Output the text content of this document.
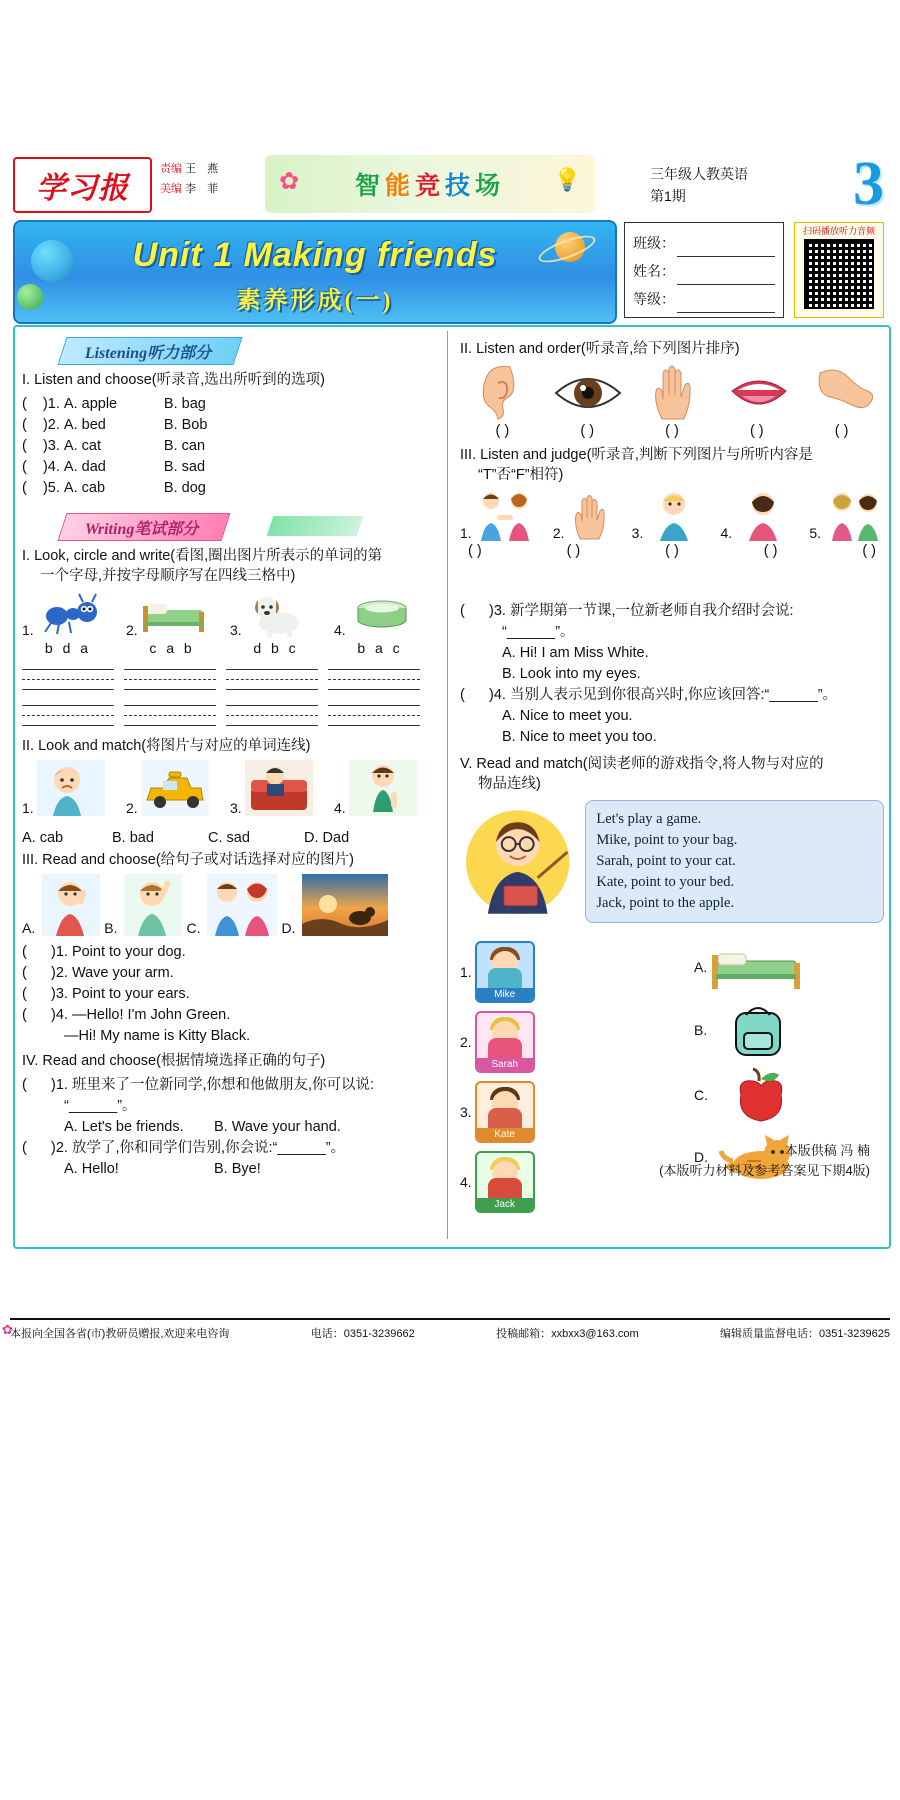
学习报
责编 王 燕
美编 李 菲 ✿	💡
智能竞技场	三年级人教英语
第1期	3
Unit 1 Making friends
素养形成(一)
班级：
姓名：
等级：
扫码播放听力音频
Listening听力部分
I. Listen and choose(听录音,选出所听到的选项)
(    )1. A. apple	B. bag
(    )2. A. bed	B. Bob
(    )3. A. cat	B. can
(    )4. A. dad	B. sad
(    )5. A. cab	B. dog
Writing笔试部分
I. Look, circle and write(看图,圈出图片所表示的单词的第
一个字母,并按字母顺序写在四线三格中)
1.	2.	3.	4.
b d a	c a b	d b c	b a c
II. Look and match(将图片与对应的单词连线)
1.	2.	3.	4.
A. cab	B. bad	C. sad	D. Dad
III. Read and choose(给句子或对话选择对应的图片)
A.	B.	C.	D.
(      )1. Point to your dog.
(      )2. Wave your arm.
(      )3. Point to your ears.
(      )4. —Hello! I'm John Green.
—Hi! My name is Kitty Black.
IV. Read and choose(根据情境选择正确的句子)
(      )1. 班里来了一位新同学,你想和他做朋友,你可以说:
“______”。
A. Let's be friends. B. Wave your hand.
(      )2. 放学了,你和同学们告别,你会说:“______”。
A. Hello!	B. Bye!
II. Listen and order(听录音,给下列图片排序)
( )	( )	( )	( )	( )
III. Listen and judge(听录音,判断下列图片与所听内容是
“T”否“F”相符)
1.	2.	3.	4.	5.
( )	( )	( )	( )	( )
(      )3. 新学期第一节课,一位新老师自我介绍时会说:
“______”。
A. Hi! I am Miss White.
B. Look into my eyes.
(      )4. 当别人表示见到你很高兴时,你应该回答:“______”。
A. Nice to meet you.
B. Nice to meet you too.
V. Read and match(阅读老师的游戏指令,将人物与对应的
物品连线)
Let's play a game.
Mike, point to your bag.
Sarah, point to your cat.
Kate, point to your bed.
Jack, point to the apple.
1.
Mike
2.
Sarah
3.
Kate
4.
Jack
A.
B.
C.
D.	本版供稿 冯 楠
(本版听力材料及参考答案见下期4版)
本报向全国各省(市)教研员赠报,欢迎来电咨询	电话：0351-3239662	投稿邮箱：xxbxx3@163.com	编辑质量监督电话：0351-3239625
✿
